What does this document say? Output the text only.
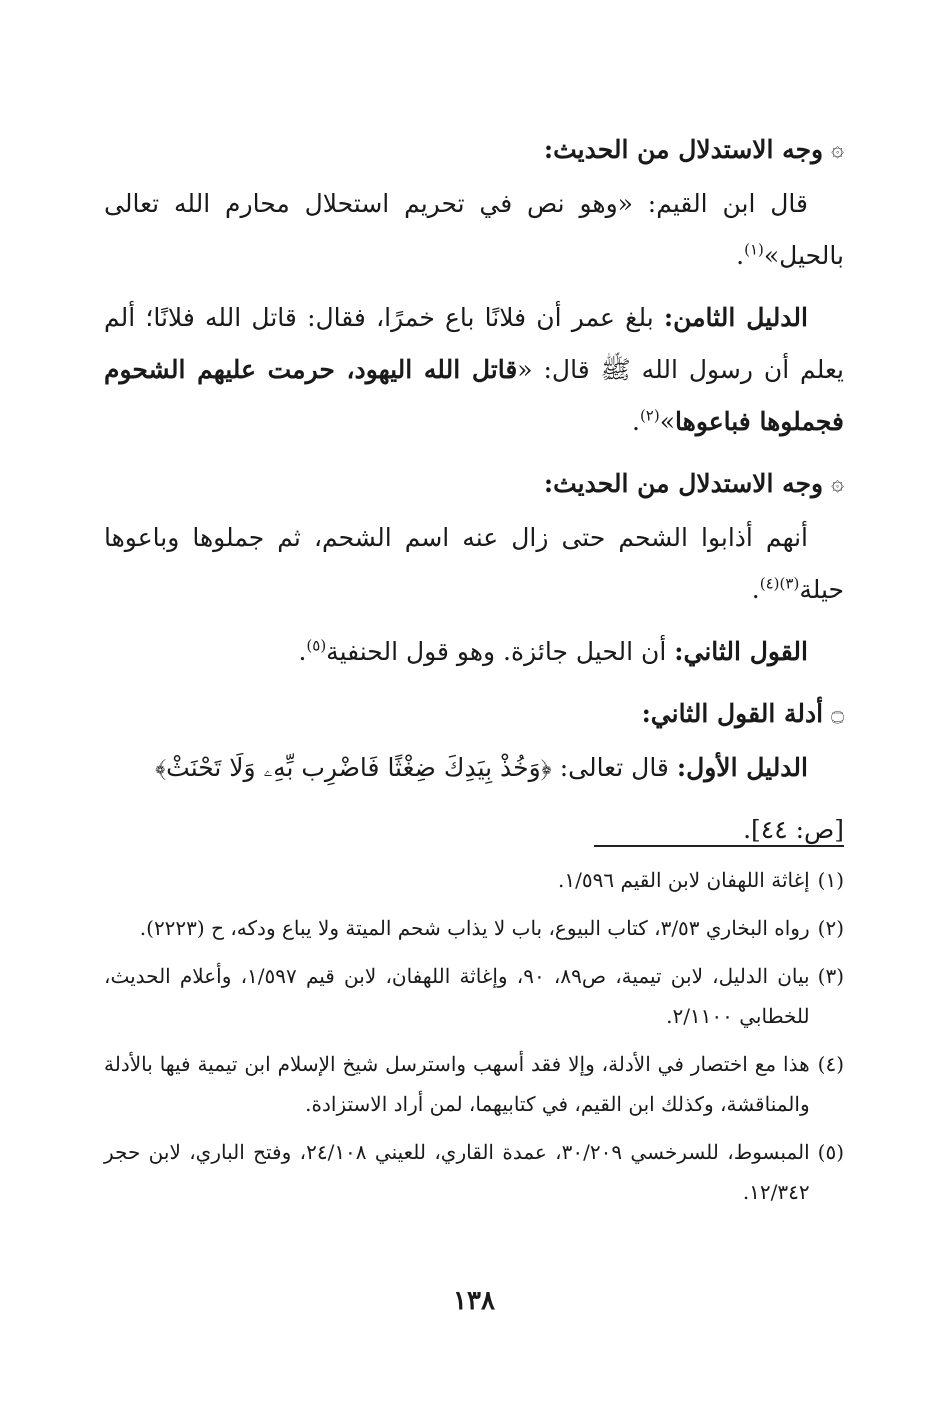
۞
وجه الاستدلال من الحديث:

قال ابن القيم: «وهو نص في تحريم استحلال محارم الله تعالى بالحيل»$^{(١)}$.

الدليل الثامن: بلغ عمر أن فلانًا باع خمرًا، فقال: قاتل الله فلانًا؛ ألم يعلم أن رسول الله ﷺ قال: «قاتل الله اليهود، حرمت عليهم الشحوم فجملوها فباعوها»$^{(٢)}$.

۞
وجه الاستدلال من الحديث:

أنهم أذابوا الشحم حتى زال عنه اسم الشحم، ثم جملوها وباعوها حيلة$^{(٣)(٤)}$.

القول الثاني: أن الحيل جائزة. وهو قول الحنفية$^{(٥)}$.

۝
أدلة القول الثاني:

الدليل الأول: قال تعالى: ﴿وَخُذْ بِيَدِكَ ضِغْثًا فَاضْرِب بِّهِۦ وَلَا تَحْنَثْ﴾

[ص: ٤٤].

(١)
إغاثة اللهفان لابن القيم ١/٥٩٦.
(٢)
رواه البخاري ٣/٥٣، كتاب البيوع، باب لا يذاب شحم الميتة ولا يباع ودكه، ح (٢٢٢٣).
(٣)
بيان الدليل، لابن تيمية، ص٨٩، ٩٠، وإغاثة اللهفان، لابن قيم ١/٥٩٧، وأعلام الحديث، للخطابي ٢/١١٠٠.
(٤)
هذا مع اختصار في الأدلة، وإلا فقد أسهب واسترسل شيخ الإسلام ابن تيمية فيها بالأدلة والمناقشة، وكذلك ابن القيم، في كتابيهما، لمن أراد الاستزادة.
(٥)
المبسوط، للسرخسي ٣٠/٢٠٩، عمدة القاري، للعيني ٢٤/١٠٨، وفتح الباري، لابن حجر ١٢/٣٤٢.
١٣٨
